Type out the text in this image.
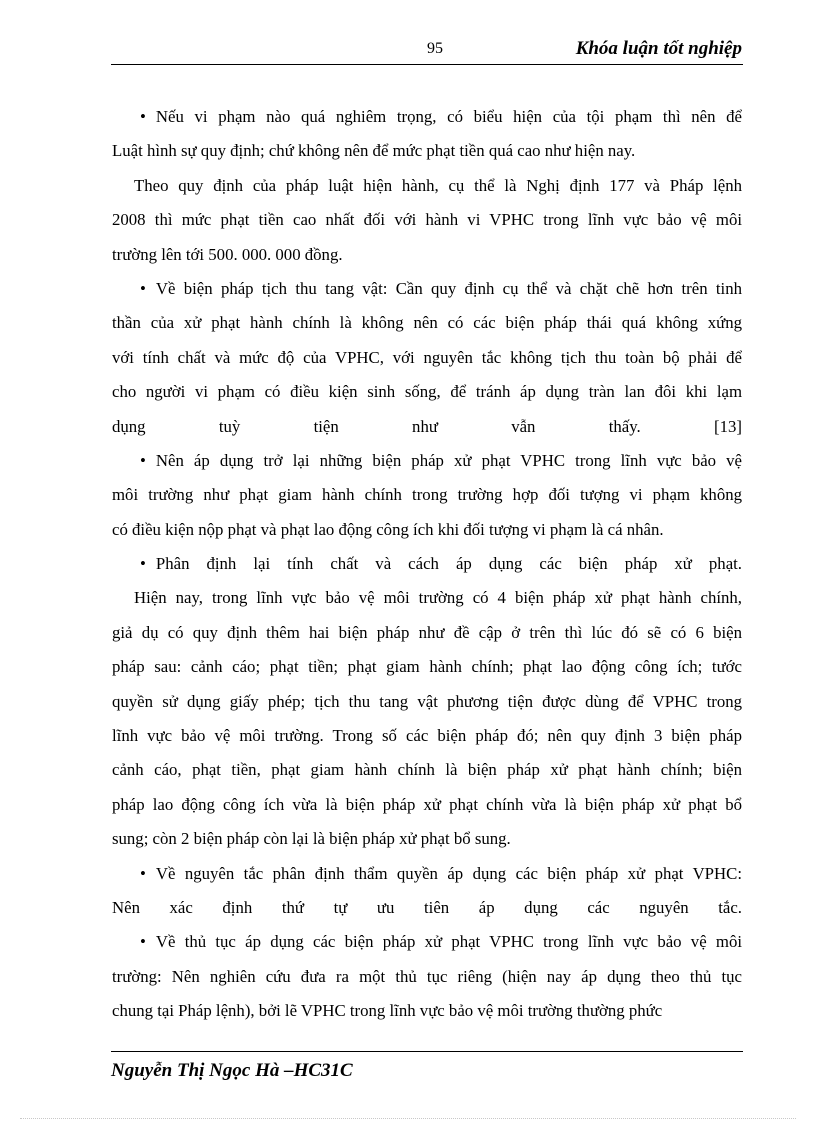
95	Khóa luận tốt nghiệp
• Nếu vi phạm nào quá nghiêm trọng, có biểu hiện của tội phạm thì nên để
Luật hình sự quy định; chứ không nên để mức phạt tiền quá cao như hiện nay.
Theo quy định của pháp luật hiện hành, cụ thể là Nghị định 177 và Pháp lệnh
2008 thì mức phạt tiền cao nhất đối với hành vi VPHC trong lĩnh vực bảo vệ môi
trường lên tới 500. 000. 000 đồng.
• Về biện pháp tịch thu tang vật: Cần quy định cụ thể và chặt chẽ hơn trên tinh
thần của xử phạt hành chính là không nên có các biện pháp thái quá không xứng
với tính chất và mức độ của VPHC, với nguyên tắc không tịch thu toàn bộ phải để
cho người vi phạm có điều kiện sinh sống, để tránh áp dụng tràn lan đôi khi lạm
dụng tuỳ tiện như vẫn thấy. [13]
• Nên áp dụng trở lại những biện pháp xử phạt VPHC trong lĩnh vực bảo vệ
môi trường như phạt giam hành chính trong trường hợp đối tượng vi phạm không
có điều kiện nộp phạt và phạt lao động công ích khi đối tượng vi phạm là cá nhân.
• Phân định lại tính chất và cách áp dụng các biện pháp xử phạt.
Hiện nay, trong lĩnh vực bảo vệ môi trường có 4 biện pháp xử phạt hành chính,
giả dụ có quy định thêm hai biện pháp như đề cập ở trên thì lúc đó sẽ có 6 biện
pháp sau: cảnh cáo; phạt tiền; phạt giam hành chính; phạt lao động công ích; tước
quyền sử dụng giấy phép; tịch thu tang vật phương tiện được dùng để VPHC trong
lĩnh vực bảo vệ môi trường. Trong số các biện pháp đó; nên quy định 3 biện pháp
cảnh cáo, phạt tiền, phạt giam hành chính là biện pháp xử phạt hành chính; biện
pháp lao động công ích vừa là biện pháp xử phạt chính vừa là biện pháp xử phạt bổ
sung; còn 2 biện pháp còn lại là biện pháp xử phạt bổ sung.
• Về nguyên tắc phân định thẩm quyền áp dụng các biện pháp xử phạt VPHC:
Nên xác định thứ tự ưu tiên áp dụng các nguyên tắc.
• Về thủ tục áp dụng các biện pháp xử phạt VPHC trong lĩnh vực bảo vệ môi
trường: Nên nghiên cứu đưa ra một thủ tục riêng (hiện nay áp dụng theo thủ tục
chung tại Pháp lệnh), bởi lẽ VPHC trong lĩnh vực bảo vệ môi trường thường phức
Nguyễn Thị Ngọc Hà –HC31C
